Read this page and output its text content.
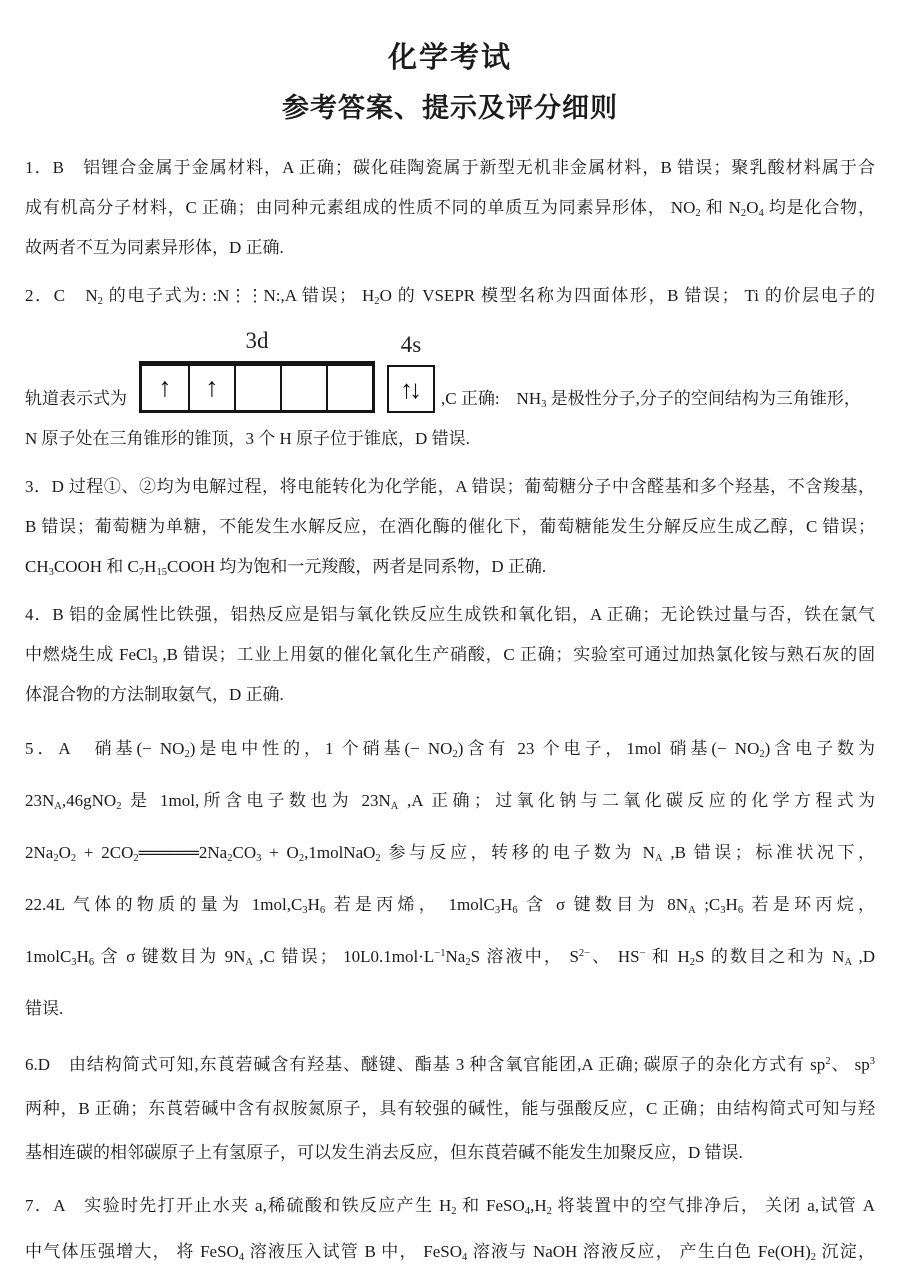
化学考试
参考答案、提示及评分细则
1．B　铝锂合金属于金属材料，A 正确；碳化硅陶瓷属于新型无机非金属材料，B 错误；聚乳酸材料属于合
成有机高分子材料，C 正确；由同种元素组成的性质不同的单质互为同素异形体， $NO_2$ 和 $N_2O_4$ 均是化合物，
故两者不互为同素异形体，D 正确.
2．C　$N_2$ 的电子式为: :N⋮⋮N:,A 错误； $H_2O$ 的 VSEPR 模型名称为四面体形，B 错误； Ti 的价层电子的
轨道表示式为
3d
↑	↑
4s
↑↓	,C 正确:　$NH_3$ 是极性分子,分子的空间结构为三角锥形，
N 原子处在三角锥形的锥顶，3 个 H 原子位于锥底，D 错误.
3．D 过程①、②均为电解过程，将电能转化为化学能，A 错误；葡萄糖分子中含醛基和多个羟基，不含羧基，
B 错误；葡萄糖为单糖，不能发生水解反应，在酒化酶的催化下，葡萄糖能发生分解反应生成乙醇，C 错误；
$CH_3COOH$ 和 $C_7H_{15}COOH$ 均为饱和一元羧酸，两者是同系物，D 正确.
4．B 铝的金属性比铁强，铝热反应是铝与氧化铁反应生成铁和氧化铝，A 正确；无论铁过量与否，铁在氯气
中燃烧生成 FeCl$_3$ ,B 错误；工业上用氨的催化氧化生产硝酸，C 正确；实验室可通过加热氯化铵与熟石灰的固
体混合物的方法制取氨气，D 正确.
5．A　硝基(− $NO_2$)是电中性的，1 个硝基(− $NO_2$)含有 23 个电子，1mol 硝基(− $NO_2$)含电子数为
$23N_A,46gNO_2$ 是 1mol,所含电子数也为 $23N_A$ ,A 正确；过氧化钠与二氧化碳反应的化学方程式为
$2Na_2O_2$ + $2CO_2═════2Na_2CO_3$ + $O_2,1molNaO_2$ 参与反应，转移的电子数为 $N_A$ ,B 错误；标准状况下，
22.4L 气体的物质的量为 $1mol,C_3H_6$ 若是丙烯， $1molC_3H_6$ 含 σ 键数目为 $8N_A$ $;C_3H_6$ 若是环丙烷，
$1molC_3H_6$ 含 σ 键数目为 $9N_A$ ,C 错误； $10L0.1mol\cdot L^{-1}Na_2S$ 溶液中， $S^{2-}$、 HS− 和 $H_2S$ 的数目之和为 $N_A$ ,D
错误.
6.D　由结构简式可知,东莨菪碱含有羟基、醚键、酯基 3 种含氧官能团,A 正确; 碳原子的杂化方式有 $sp^2$、 $sp^3$
两种，B 正确；东莨菪碱中含有叔胺氮原子，具有较强的碱性，能与强酸反应，C 正确；由结构简式可知与羟
基相连碳的相邻碳原子上有氢原子，可以发生消去反应，但东莨菪碱不能发生加聚反应，D 错误.
7．A　实验时先打开止水夹 a,稀硫酸和铁反应产生 $H_2$ 和 $FeSO_4,H_2$ 将装置中的空气排净后， 关闭 a,试管 A
中气体压强增大， 将 FeSO$_4$ 溶液压入试管 B 中， FeSO$_4$ 溶液与 NaOH 溶液反应， 产生白色 $Fe(OH)_2$ 沉淀，
